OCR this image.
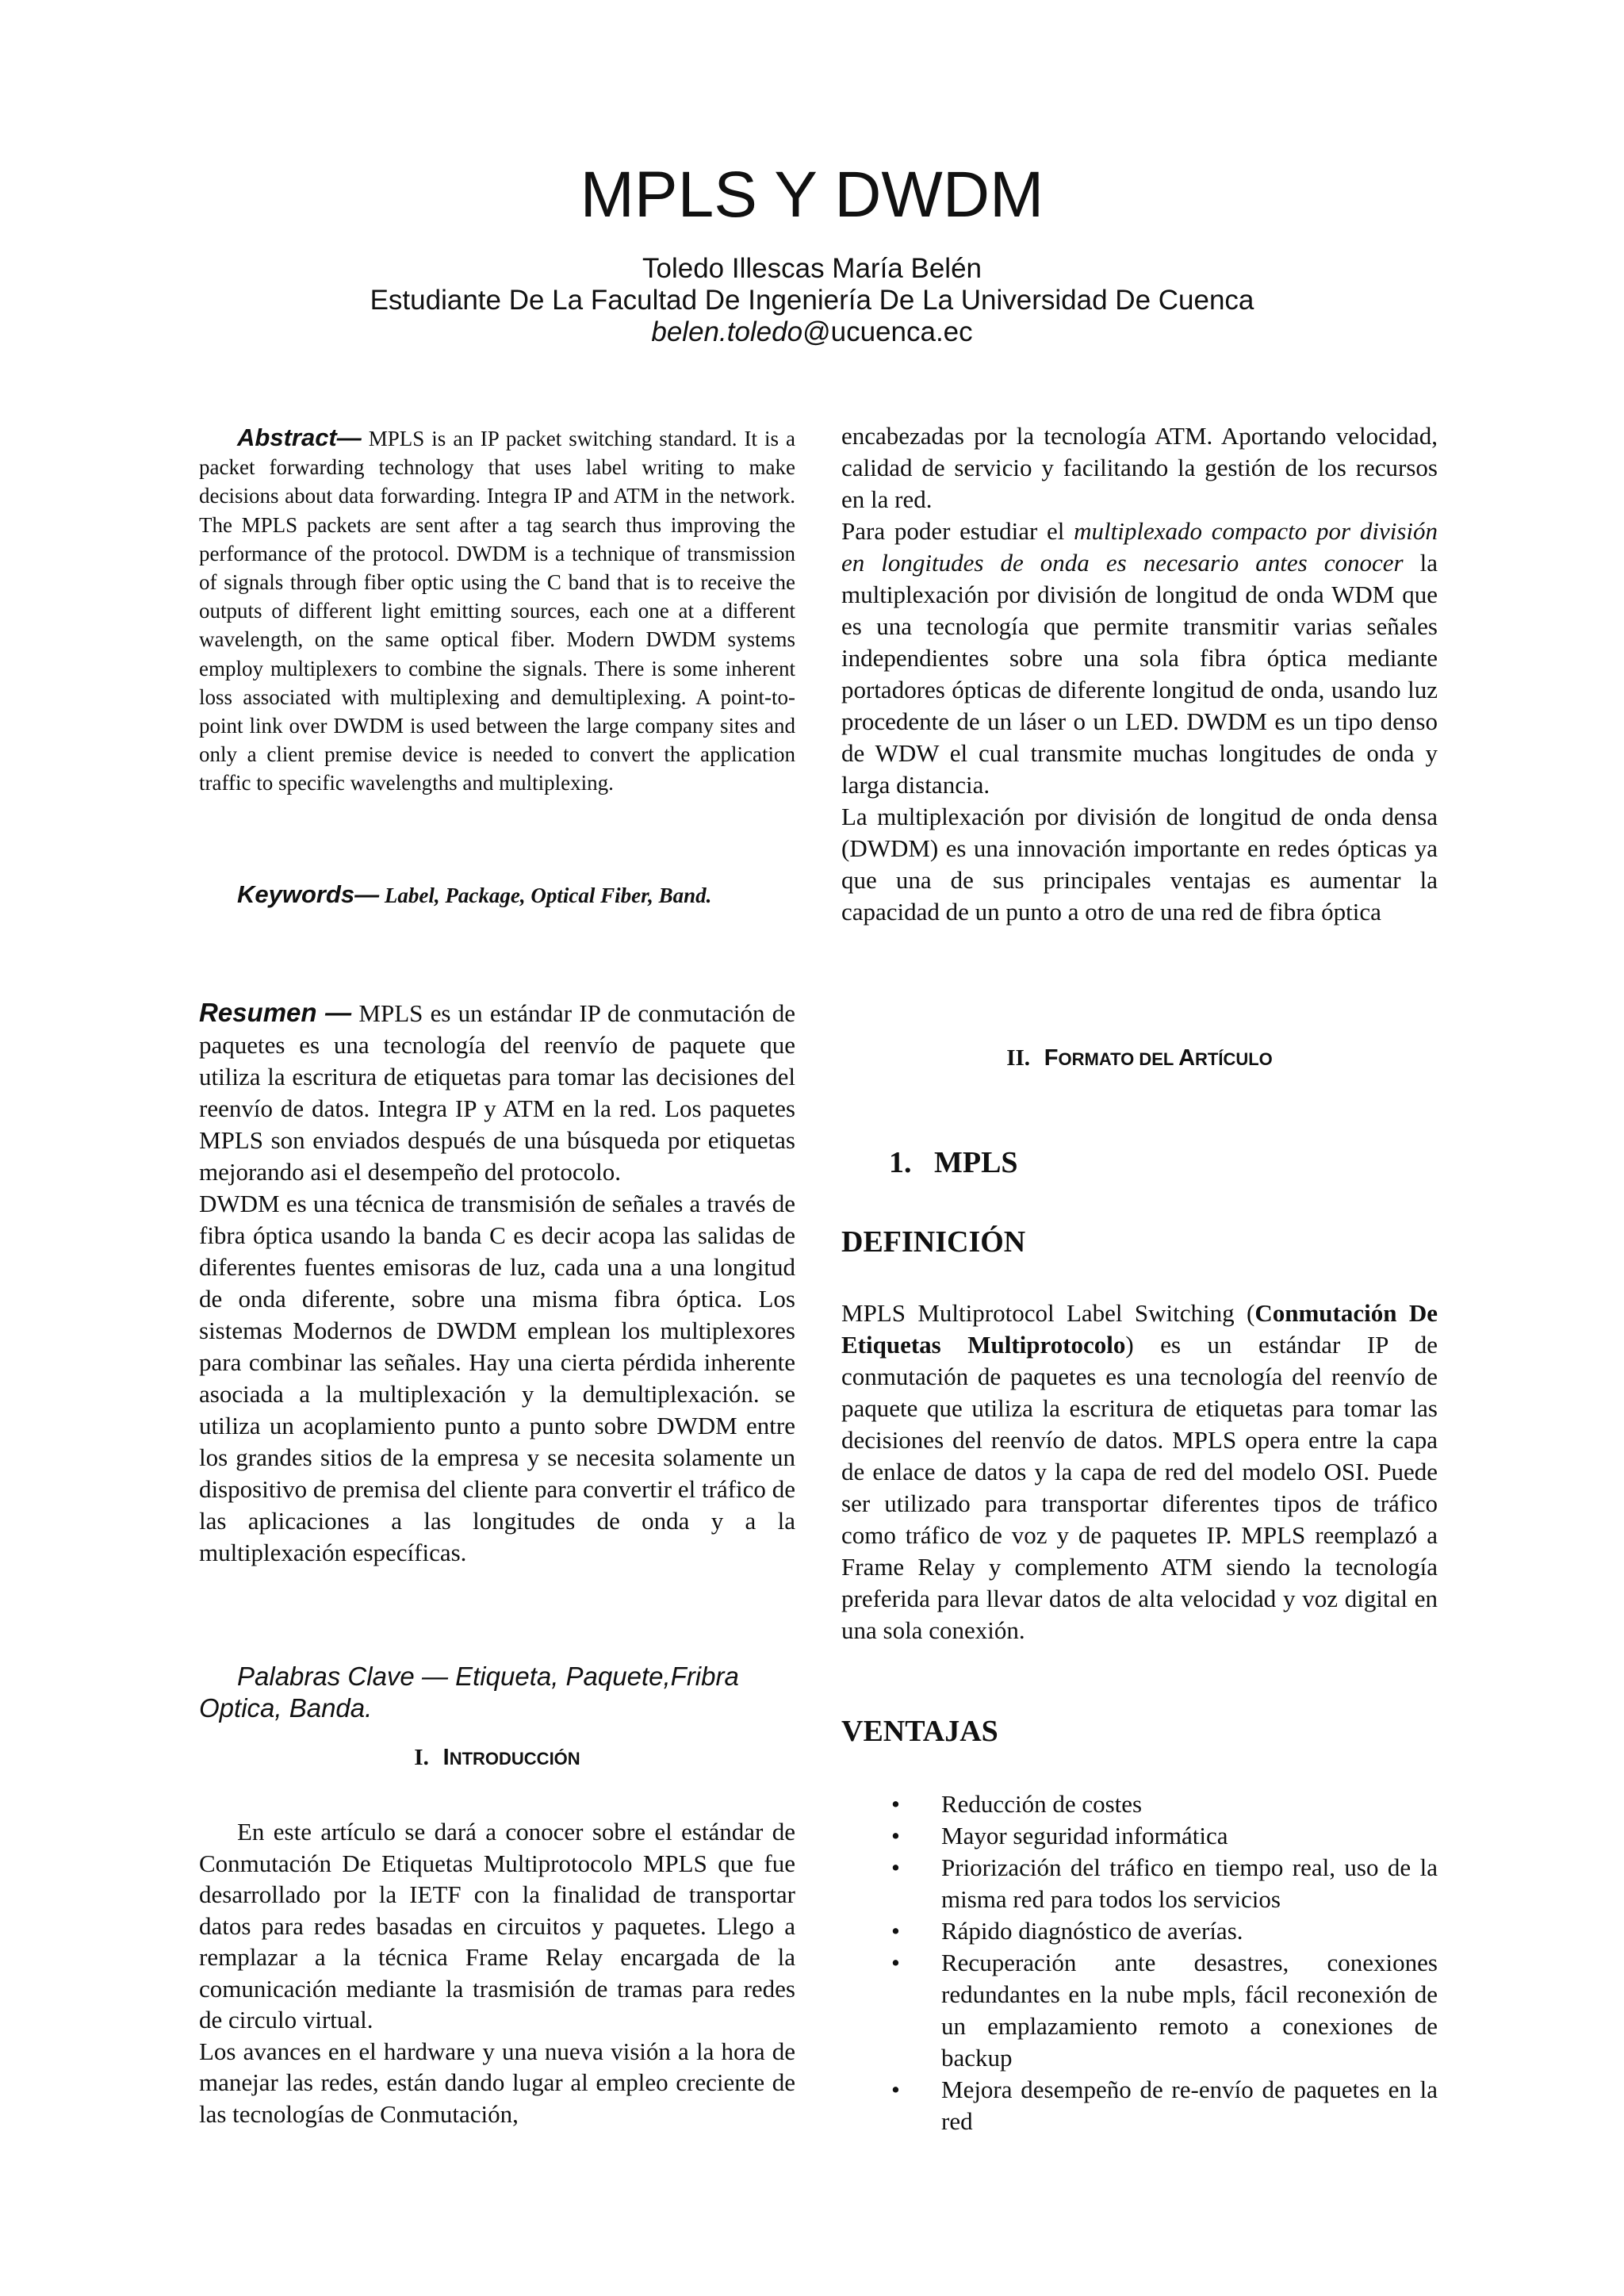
MPLS Y DWDM
Toledo Illescas María Belén
Estudiante De La Facultad De Ingeniería De La Universidad De Cuenca
belen.toledo@ucuenca.ec
Abstract— MPLS is an IP packet switching standard. It is a packet forwarding technology that uses label writing to make decisions about data forwarding. Integra IP and ATM in the network. The MPLS packets are sent after a tag search thus improving the performance of the protocol. DWDM is a technique of transmission of signals through fiber optic using the C band that is to receive the outputs of different light emitting sources, each one at a different wavelength, on the same optical fiber. Modern DWDM systems employ multiplexers to combine the signals. There is some inherent loss associated with multiplexing and demultiplexing. A point-to-point link over DWDM is used between the large company sites and only a client premise device is needed to convert the application traffic to specific wavelengths and multiplexing.
Keywords— Label, Package, Optical Fiber, Band.

Resumen — MPLS es un estándar IP de conmutación de paquetes es una tecnología del reenvío de paquete que utiliza la escritura de etiquetas para tomar las decisiones del reenvío de datos. Integra IP y ATM en la red. Los paquetes MPLS son enviados después de una búsqueda por etiquetas mejorando asi el desempeño del protocolo.

DWDM es una técnica de transmisión de señales a través de fibra óptica usando la banda C es decir acopa las salidas de diferentes fuentes emisoras de luz, cada una a una longitud de onda diferente, sobre una misma fibra óptica. Los sistemas Modernos de DWDM emplean los multiplexores para combinar las señales. Hay una cierta pérdida inherente asociada a la multiplexación y la demultiplexación. se utiliza un acoplamiento punto a punto sobre DWDM entre los grandes sitios de la empresa y se necesita solamente un dispositivo de premisa del cliente para convertir el tráfico de las aplicaciones a las longitudes de onda y a la multiplexación específicas.

Palabras Clave — Etiqueta, Paquete,Fribra Optica, Banda.
I. INTRODUCCIÓN

En este artículo se dará a conocer sobre el estándar de Conmutación De Etiquetas Multiprotocolo MPLS que fue desarrollado por la IETF con la finalidad de transportar datos para redes basadas en circuitos y paquetes. Llego a remplazar a la técnica Frame Relay encargada de la comunicación mediante la trasmisión de tramas para redes de circulo virtual.

Los avances en el hardware y una nueva visión a la hora de manejar las redes, están dando lugar al empleo creciente de las tecnologías de Conmutación,

encabezadas por la tecnología ATM. Aportando velocidad, calidad de servicio y facilitando la gestión de los recursos en la red.

Para poder estudiar el multiplexado compacto por división en longitudes de onda es necesario antes conocer la multiplexación por división de longitud de onda WDM que es una tecnología que permite transmitir varias señales independientes sobre una sola fibra óptica mediante portadores ópticas de diferente longitud de onda, usando luz procedente de un láser o un LED. DWDM es un tipo denso de WDW el cual transmite muchas longitudes de onda y larga distancia.

La multiplexación por división de longitud de onda densa (DWDM) es una innovación importante en redes ópticas ya que una de sus principales ventajas es aumentar la capacidad de un punto a otro de una red de fibra óptica

II. FORMATO DEL ARTÍCULO
1.   MPLS
DEFINICIÓN
MPLS Multiprotocol Label Switching (Conmutación De Etiquetas Multiprotocolo) es un estándar IP de conmutación de paquetes es una tecnología del reenvío de paquete que utiliza la escritura de etiquetas para tomar las decisiones del reenvío de datos. MPLS opera entre la capa de enlace de datos y la capa de red del modelo OSI. Puede ser utilizado para transportar diferentes tipos de tráfico como tráfico de voz y de paquetes IP. MPLS reemplazó a Frame Relay y complemento ATM siendo la tecnología preferida para llevar datos de alta velocidad y voz digital en una sola conexión.
VENTAJAS
• Reducción de costes
• Mayor seguridad informática
• Priorización del tráfico en tiempo real, uso de la misma red para todos los servicios
• Rápido diagnóstico de averías.
• Recuperación ante desastres, conexiones redundantes en la nube mpls, fácil reconexión de un emplazamiento remoto a conexiones de backup
• Mejora desempeño de re-envío de paquetes en la red
